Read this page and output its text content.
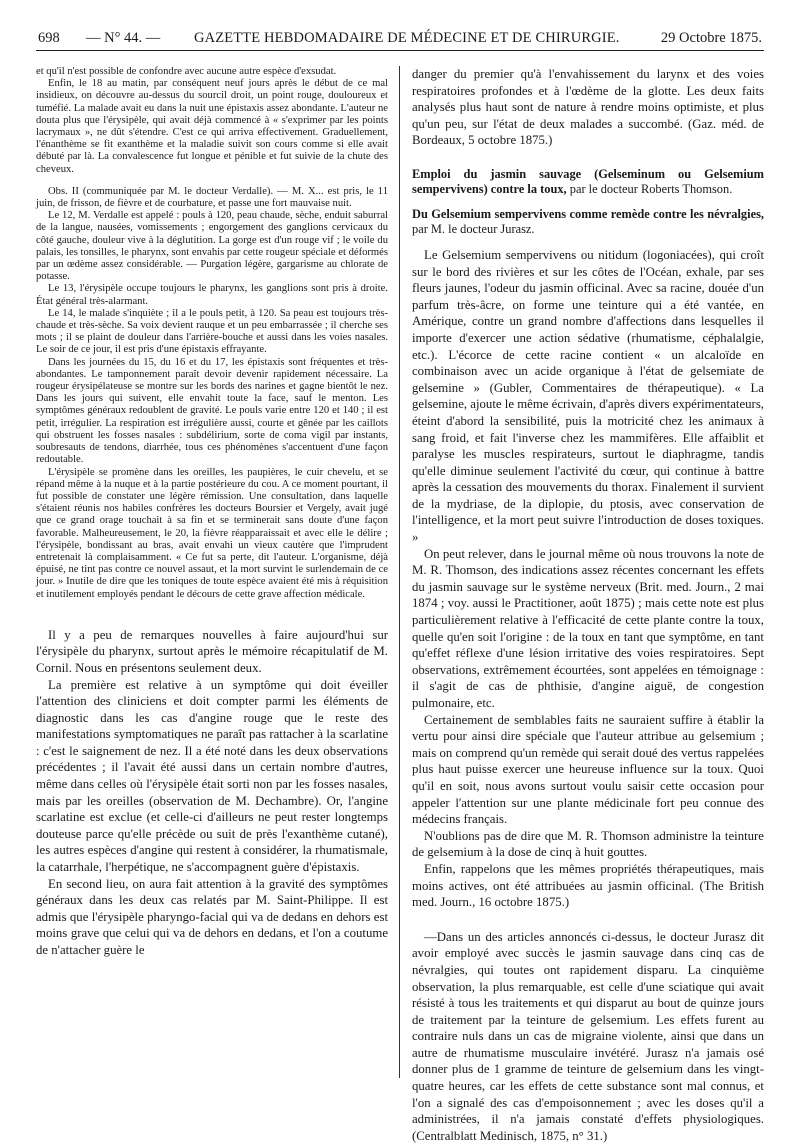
698 — N° 44. — GAZETTE HEBDOMADAIRE DE MÉDECINE ET DE CHIRURGIE.	29 Octobre 1875.

et qu'il n'est possible de confondre avec aucune autre espèce d'exsudat.

Enfin, le 18 au matin, par conséquent neuf jours après le début de ce mal insidieux, on découvre au-dessus du sourcil droit, un point rouge, douloureux et tuméfié. La malade avait eu dans la nuit une épistaxis assez abondante. L'auteur ne douta plus que l'érysipèle, qui avait déjà commencé à « s'exprimer par les points lacrymaux », ne dût s'étendre. C'est ce qui arriva effectivement. Graduellement, l'énanthème se fit exanthème et la maladie suivit son cours comme si elle avait débuté par là. La convalescence fut longue et pénible et fut suivie de la chute des cheveux.

Obs. II (communiquée par M. le docteur Verdalle). — M. X... est pris, le 11 juin, de frisson, de fièvre et de courbature, et passe une fort mauvaise nuit.

Le 12, M. Verdalle est appelé : pouls à 120, peau chaude, sèche, enduit saburral de la langue, nausées, vomissements ; engorgement des ganglions cervicaux du côté gauche, douleur vive à la déglutition. La gorge est d'un rouge vif ; le voile du palais, les tonsilles, le pharynx, sont envahis par cette rougeur spéciale et déformés par un œdème assez considérable. — Purgation légère, gargarisme au chlorate de potasse.

Le 13, l'érysipèle occupe toujours le pharynx, les ganglions sont pris à droite. État général très-alarmant.

Le 14, le malade s'inquiète ; il a le pouls petit, à 120. Sa peau est toujours très-chaude et très-sèche. Sa voix devient rauque et un peu embarrassée ; il cherche ses mots ; il se plaint de douleur dans l'arrière-bouche et aussi dans les voies nasales. Le soir de ce jour, il est pris d'une épistaxis effrayante.

Dans les journées du 15, du 16 et du 17, les épistaxis sont fréquentes et très-abondantes. Le tamponnement paraît devoir devenir rapidement nécessaire. La rougeur érysipélateuse se montre sur les bords des narines et gagne bientôt le nez. Dans les jours qui suivent, elle envahit toute la face, sauf le menton. Les symptômes généraux redoublent de gravité. Le pouls varie entre 120 et 140 ; il est petit, irrégulier. La respiration est irrégulière aussi, courte et gênée par les caillots qui obstruent les fosses nasales : subdélirium, sorte de coma vigil par instants, soubresauts de tendons, diarrhée, tous ces phénomènes s'accentuent d'une façon redoutable.

L'érysipèle se promène dans les oreilles, les paupières, le cuir chevelu, et se répand même à la nuque et à la partie postérieure du cou. A ce moment pourtant, il fut possible de constater une légère rémission. Une consultation, dans laquelle s'étaient réunis nos habiles confrères les docteurs Boursier et Vergely, avait jugé que ce grand orage touchait à sa fin et se terminerait sans doute d'une façon favorable. Malheureusement, le 20, la fièvre réapparaissait et avec elle le délire ; l'érysipèle, bondissant au bras, avait envahi un vieux cautère que l'imprudent entretenait là complaisamment. « Ce fut sa perte, dit l'auteur. L'organisme, déjà épuisé, ne tint pas contre ce nouvel assaut, et la mort survint le surlendemain de ce jour. » Inutile de dire que les toniques de toute espèce avaient été mis à réquisition et inutilement employés pendant le décours de cette grave affection médicale.

Il y a peu de remarques nouvelles à faire aujourd'hui sur l'érysipèle du pharynx, surtout après le mémoire récapitulatif de M. Cornil. Nous en présentons seulement deux.

La première est relative à un symptôme qui doit éveiller l'attention des cliniciens et doit compter parmi les éléments de diagnostic dans les cas d'angine rouge que le reste des manifestations symptomatiques ne paraît pas rattacher à la scarlatine : c'est le saignement de nez. Il a été noté dans les deux observations précédentes ; il l'avait été aussi dans un certain nombre d'autres, même dans celles où l'érysipèle était sorti non par les fosses nasales, mais par les oreilles (observation de M. Dechambre). Or, l'angine scarlatine est exclue (et celle-ci d'ailleurs ne peut rester longtemps douteuse parce qu'elle précède ou suit de près l'exanthème cutané), les autres espèces d'angine qui restent à considérer, la rhumatismale, la catarrhale, l'herpétique, ne s'accompagnent guère d'épistaxis.

En second lieu, on aura fait attention à la gravité des symptômes généraux dans les deux cas relatés par M. Saint-Philippe. Il est admis que l'érysipèle pharyngo-facial qui va de dedans en dehors est moins grave que celui qui va de dehors en dedans, et l'on a coutume de n'attacher guère le

danger du premier qu'à l'envahissement du larynx et des voies respiratoires profondes et à l'œdème de la glotte. Les deux faits analysés plus haut sont de nature à rendre moins optimiste, et plus qu'un peu, sur l'état de deux malades a succombé. (Gaz. méd. de Bordeaux, 5 octobre 1875.)

Emploi du jasmin sauvage (Gelseminum ou Gelsemium sempervivens) contre la toux, par le docteur Roberts Thomson.

Du Gelsemium sempervivens comme remède contre les névralgies, par M. le docteur Jurasz.

Le Gelsemium sempervivens ou nitidum (logoniacées), qui croît sur le bord des rivières et sur les côtes de l'Océan, exhale, par ses fleurs jaunes, l'odeur du jasmin officinal. Avec sa racine, douée d'un parfum très-âcre, on forme une teinture qui a été vantée, en Amérique, contre un grand nombre d'affections dans lesquelles il importe d'exercer une action sédative (rhumatisme, céphalalgie, etc.). L'écorce de cette racine contient « un alcaloïde en combinaison avec un acide organique à l'état de gelsemiate de gelsemine » (Gubler, Commentaires de thérapeutique). « La gelsemine, ajoute le même écrivain, d'après divers expérimentateurs, éteint d'abord la sensibilité, puis la motricité chez les animaux à sang froid, et fait l'inverse chez les mammifères. Elle affaiblit et paralyse les muscles respirateurs, surtout le diaphragme, tandis qu'elle diminue seulement l'activité du cœur, qui continue à battre après la cessation des mouvements du thorax. Finalement il survient de la mydriase, de la diplopie, du ptosis, avec conservation de l'intelligence, et la mort peut suivre l'introduction de doses toxiques. »

On peut relever, dans le journal même où nous trouvons la note de M. R. Thomson, des indications assez récentes concernant les effets du jasmin sauvage sur le système nerveux (Brit. med. Journ., 2 mai 1874 ; voy. aussi le Practitioner, août 1875) ; mais cette note est plus particulièrement relative à l'efficacité de cette plante contre la toux, quelle qu'en soit l'origine : de la toux en tant que symptôme, en tant qu'effet réflexe d'une lésion irritative des voies respiratoires. Sept observations, extrêmement écourtées, sont appelées en témoignage : il s'agit de cas de phthisie, d'angine aiguë, de congestion pulmonaire, etc.

Certainement de semblables faits ne sauraient suffire à établir la vertu pour ainsi dire spéciale que l'auteur attribue au gelsemium ; mais on comprend qu'un remède qui serait doué des vertus rappelées plus haut puisse exercer une heureuse influence sur la toux. Quoi qu'il en soit, nous avons surtout voulu saisir cette occasion pour appeler l'attention sur une plante médicinale fort peu connue des médecins français.

N'oublions pas de dire que M. R. Thomson administre la teinture de gelsemium à la dose de cinq à huit gouttes.

Enfin, rappelons que les mêmes propriétés thérapeutiques, mais moins actives, ont été attribuées au jasmin officinal. (The British med. Journ., 16 octobre 1875.)

—Dans un des articles annoncés ci-dessus, le docteur Jurasz dit avoir employé avec succès le jasmin sauvage dans cinq cas de névralgies, qui toutes ont rapidement disparu. La cinquième observation, la plus remarquable, est celle d'une sciatique qui avait résisté à tous les traitements et qui disparut au bout de quinze jours de traitement par la teinture de gelsemium. Les effets furent au contraire nuls dans un cas de migraine violente, ainsi que dans un autre de rhumatisme musculaire invétéré. Jurasz n'a jamais osé donner plus de 1 gramme de teinture de gelsemium dans les vingt-quatre heures, car les effets de cette substance sont mal connus, et l'on a signalé des cas d'empoisonnement ; avec les doses qu'il a administrées, il n'a jamais constaté d'effets physiologiques. (Centralblatt Medinisch, 1875, n° 31.)
